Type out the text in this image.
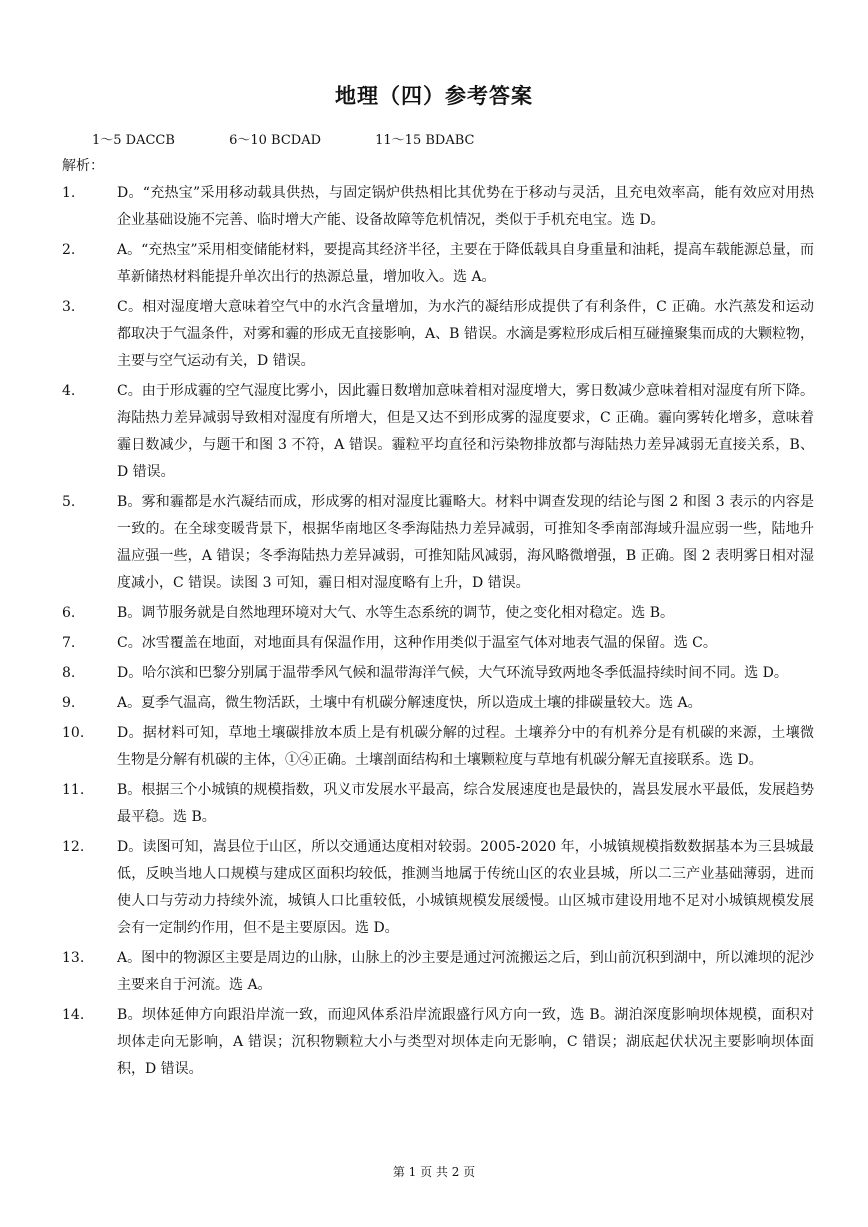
地理（四）参考答案
1～5 DACCB	6～10 BCDAD	11～15 BDABC
解析：
1.	D。“充热宝”采用移动载具供热，与固定锅炉供热相比其优势在于移动与灵活，且充电效率高，能有效应对用热企业基础设施不完善、临时增大产能、设备故障等危机情况，类似于手机充电宝。选 D。
2.	A。“充热宝”采用相变储能材料，要提高其经济半径，主要在于降低载具自身重量和油耗，提高车载能源总量，而革新储热材料能提升单次出行的热源总量，增加收入。选 A。
3.	C。相对湿度增大意味着空气中的水汽含量增加，为水汽的凝结形成提供了有利条件，C 正确。水汽蒸发和运动都取决于气温条件，对雾和霾的形成无直接影响，A、B 错误。水滴是雾粒形成后相互碰撞聚集而成的大颗粒物，主要与空气运动有关，D 错误。
4.	C。由于形成霾的空气湿度比雾小，因此霾日数增加意味着相对湿度增大，雾日数减少意味着相对湿度有所下降。海陆热力差异减弱导致相对湿度有所增大，但是又达不到形成雾的湿度要求，C 正确。霾向雾转化增多，意味着霾日数减少，与题干和图 3 不符，A 错误。霾粒平均直径和污染物排放都与海陆热力差异减弱无直接关系，B、D 错误。
5.	B。雾和霾都是水汽凝结而成，形成雾的相对湿度比霾略大。材料中调查发现的结论与图 2 和图 3 表示的内容是一致的。在全球变暖背景下，根据华南地区冬季海陆热力差异减弱，可推知冬季南部海域升温应弱一些，陆地升温应强一些，A 错误；冬季海陆热力差异减弱，可推知陆风减弱，海风略微增强，B 正确。图 2 表明雾日相对湿度减小，C 错误。读图 3 可知，霾日相对湿度略有上升，D 错误。
6.	B。调节服务就是自然地理环境对大气、水等生态系统的调节，使之变化相对稳定。选 B。
7.	C。冰雪覆盖在地面，对地面具有保温作用，这种作用类似于温室气体对地表气温的保留。选 C。
8.	D。哈尔滨和巴黎分别属于温带季风气候和温带海洋气候，大气环流导致两地冬季低温持续时间不同。选 D。
9.	A。夏季气温高，微生物活跃，土壤中有机碳分解速度快，所以造成土壤的排碳量较大。选 A。
10.	D。据材料可知，草地土壤碳排放本质上是有机碳分解的过程。土壤养分中的有机养分是有机碳的来源，土壤微生物是分解有机碳的主体，①④正确。土壤剖面结构和土壤颗粒度与草地有机碳分解无直接联系。选 D。
11.	B。根据三个小城镇的规模指数，巩义市发展水平最高，综合发展速度也是最快的，嵩县发展水平最低，发展趋势最平稳。选 B。
12.	D。读图可知，嵩县位于山区，所以交通通达度相对较弱。2005-2020 年，小城镇规模指数数据基本为三县城最低，反映当地人口规模与建成区面积均较低，推测当地属于传统山区的农业县城，所以二三产业基础薄弱，进而使人口与劳动力持续外流，城镇人口比重较低，小城镇规模发展缓慢。山区城市建设用地不足对小城镇规模发展会有一定制约作用，但不是主要原因。选 D。
13.	A。图中的物源区主要是周边的山脉，山脉上的沙主要是通过河流搬运之后，到山前沉积到湖中，所以滩坝的泥沙主要来自于河流。选 A。
14.	B。坝体延伸方向跟沿岸流一致，而迎风体系沿岸流跟盛行风方向一致，选 B。湖泊深度影响坝体规模，面积对坝体走向无影响，A 错误；沉积物颗粒大小与类型对坝体走向无影响，C 错误；湖底起伏状况主要影响坝体面积，D 错误。
第 1 页 共 2 页
